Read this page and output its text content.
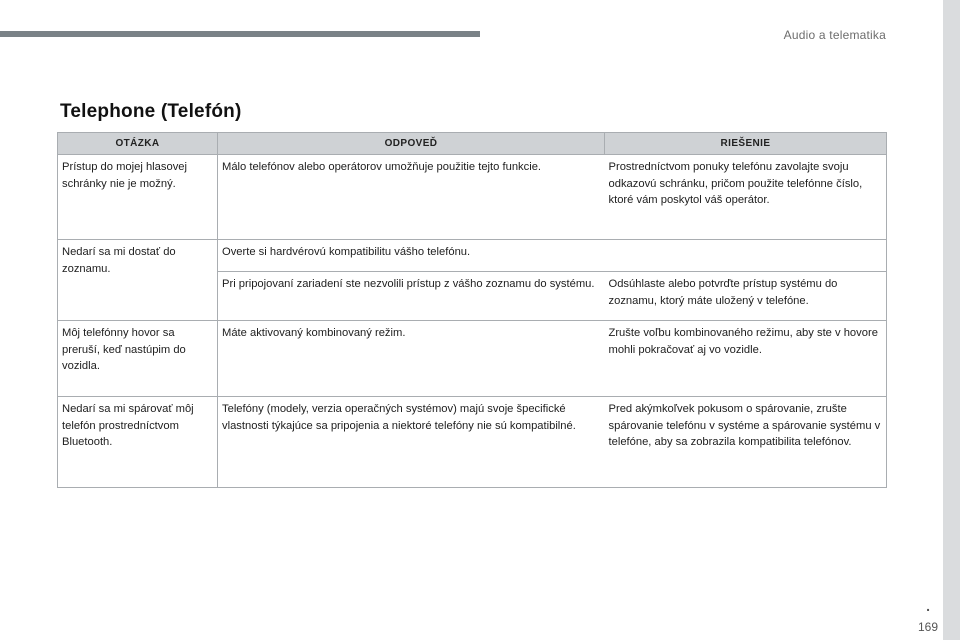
Audio a telematika
Telephone (Telefón)
OTÁZKA	ODPOVEĎ	RIEŠENIE
Prístup do mojej hlasovej schránky nie je možný.	Málo telefónov alebo operátorov umožňuje použitie tejto funkcie.	Prostredníctvom ponuky telefónu zavolajte svoju odkazovú schránku, pričom použite telefónne číslo, ktoré vám poskytol váš operátor.
Nedarí sa mi dostať do zoznamu.	Overte si hardvérovú kompatibilitu vášho telefónu.	
	Pri pripojovaní zariadení ste nezvolili prístup z vášho zoznamu do systému.	Odsúhlaste alebo potvrďte prístup systému do zoznamu, ktorý máte uložený v telefóne.
Môj telefónny hovor sa preruší, keď nastúpim do vozidla.	Máte aktivovaný kombinovaný režim.	Zrušte voľbu kombinovaného režimu, aby ste v hovore mohli pokračovať aj vo vozidle.
Nedarí sa mi spárovať môj telefón prostredníctvom Bluetooth.	Telefóny (modely, verzia operačných systémov) majú svoje špecifické vlastnosti týkajúce sa pripojenia a niektoré telefóny nie sú kompatibilné.	Pred akýmkoľvek pokusom o spárovanie, zrušte spárovanie telefónu v systéme a spárovanie systému v telefóne, aby sa zobrazila kompatibilita telefónov.
.
169
